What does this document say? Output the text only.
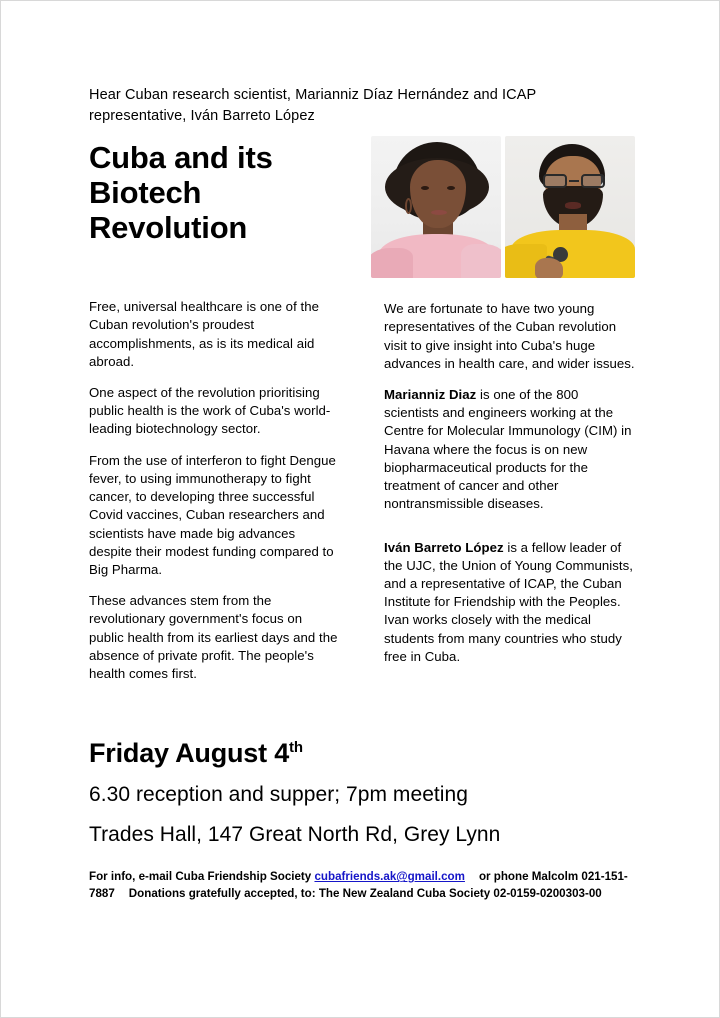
Hear Cuban research scientist, Marianniz Díaz Hernández and ICAP representative, Iván Barreto López

Cuba and its Biotech Revolution

Free, universal healthcare is one of the Cuban revolution's proudest accomplishments, as is its medical aid abroad.

One aspect of the revolution prioritising public health is the work of Cuba's world-leading biotechnology sector.

From the use of interferon to fight Dengue fever, to using immunotherapy to fight cancer, to developing three successful Covid vaccines, Cuban researchers and scientists have made big advances despite their modest funding compared to Big Pharma.

These advances stem from the revolutionary government's focus on public health from its earliest days and the absence of private profit. The people's health comes first.

We are fortunate to have two young representatives of the Cuban revolution visit to give insight into Cuba's huge advances in health care, and wider issues.

Marianniz Diaz is one of the 800 scientists and engineers working at the Centre for Molecular Immunology (CIM) in Havana where the focus is on new biopharmaceutical products for the treatment of cancer and other nontransmissible diseases.

Iván Barreto López is a fellow leader of the UJC, the Union of Young Communists, and a representative of ICAP, the Cuban Institute for Friendship with the Peoples. Ivan works closely with the medical students from many countries who study free in Cuba.

Friday August 4th

6.30 reception and supper; 7pm meeting

Trades Hall, 147 Great North Rd, Grey Lynn

For info, e-mail Cuba Friendship Society cubafriends.ak@gmail.com or phone Malcolm 021-151-7887 Donations gratefully accepted, to: The New Zealand Cuba Society 02-0159-0200303-00
